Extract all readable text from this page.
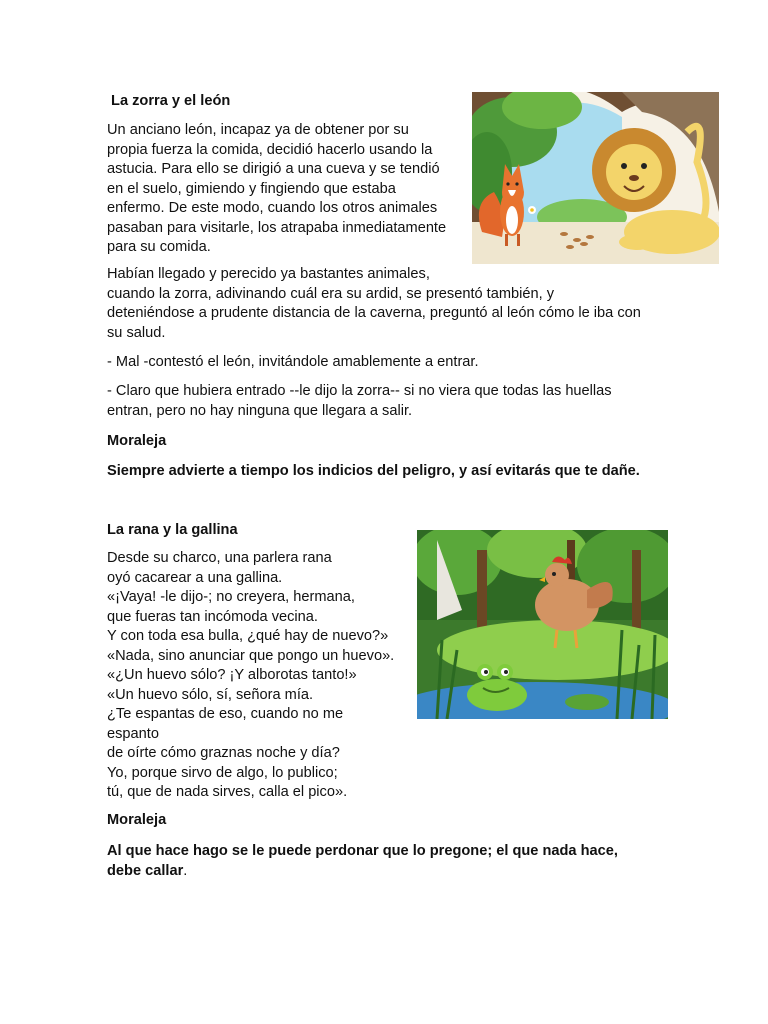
La zorra y el león
Un anciano león, incapaz ya de obtener por su
propia fuerza la comida, decidió hacerlo usando la
astucia. Para ello se dirigió a una cueva y se tendió
en el suelo, gimiendo y fingiendo que estaba
enfermo. De este modo, cuando los otros animales
pasaban para visitarle, los atrapaba inmediatamente
para su comida.
Habían llegado y perecido ya bastantes animales,
cuando la zorra, adivinando cuál era su ardid, se presentó también, y
deteniéndose a prudente distancia de la caverna, preguntó al león cómo le iba con
su salud.
- Mal -contestó el león, invitándole amablemente a entrar.
- Claro que hubiera entrado --le dijo la zorra-- si no viera que todas las huellas
entran, pero no hay ninguna que llegara a salir.
Moraleja
Siempre advierte a tiempo los indicios del peligro, y así evitarás que te dañe.
La rana y la gallina
Desde su charco, una parlera rana
oyó cacarear a una gallina.
«¡Vaya! -le dijo-; no creyera, hermana,
que fueras tan incómoda vecina.
Y con toda esa bulla, ¿qué hay de nuevo?»
«Nada, sino anunciar que pongo un huevo».
«¿Un huevo sólo? ¡Y alborotas tanto!»
«Un huevo sólo, sí, señora mía.
¿Te espantas de eso, cuando no me
espanto
de oírte cómo graznas noche y día?
Yo, porque sirvo de algo, lo publico;
tú, que de nada sirves, calla el pico».
Moraleja
Al que hace hago se le puede perdonar que lo pregone; el que nada hace,
debe callar.
